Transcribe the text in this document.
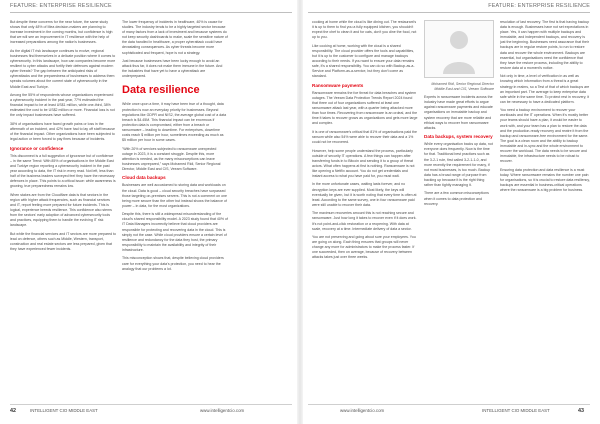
FEATURE: ENTERPRISE RESILIENCE	FEATURE: ENTERPRISE RESILIENCE

But despite these concerns for the near future, the same study shows that only 48% of Mea decision-makers are planning to increase investment in the coming months, but confidence is high that we will see an improvement in IT resilience with the help of increased preparations among the nation's businesses.

As the digital IT risk landscape continues to evolve, regional businesses find themselves in a delicate position where it comes to cybersecurity. In this landscape, how can companies become more resilient to cyber attacks and fortify their defences against modern cyber threats? The gap between the anticipated risks of cyberattacks and the preparedness of businesses to address them speaks volumes about the current state of cybersecurity in the Middle East and Turkiye.

Among the 55% of respondents whose organizations experienced a cybersecurity incident in the past year, 77% estimated the financial impact to be at least US$1 million, while one-third, 38% estimated the cost to be US$2 million or more. Financial loss is not the only impact businesses have suffered.

38% of organisations have faced growth pains or loss in the aftermath of an incident, and 42% have had to lay off staff because of the financial impact. Other organizations have been subjected to legal action or been forced to pay fines because of incidents.

Ignorance or confidence

This disconnect is a full suggestion of ignorance but of confidence – in the same Trend: With 85% of organisations in the Middle East and Turkiye region reporting a cybersecurity incident in the past year according to data, the IT risk in every read. Not left, less than half of the business leaders surveyed feel they have the necessary defences in place. This points to a critical issue: while awareness is growing, true preparedness remains low.

When stakes are from the Cloudflare data is that sectors in the region with higher attack frequencies, such as financial services and IT, report feeling more prepared for future incidents. This is logical, experience breeds resilience. This confidence also stems from the sectors' early adoption of advanced cybersecurity tools and practices, equipping them to handle the evolving IT risk landscape.

But while the financial services and IT sectors are more prepared to lead on defence, others such as Middle, Western, transport, construction and real estate sectors are less prepared, given that they have experienced fewer incidents.

The lower frequency of incidents in healthcare, 40% is cause for studies. The industry tends to be a highly targeted sector because of many factors from a lack of investment and because systems do not keep security dashboards to make, scale the sensitive nature of the data handled in healthcare, a proper cyberattack could have devastating consequences. As cyber threats become more sophisticated and frequent, hope is not a strategy.

Just because businesses have been lucky enough to avoid an attack thus far, it does not make them immune in the future. And the industries that have yet to have a cyberattack are underprepared.

Data resilience

While once upon a time, it may have been true of a thought, data protection is now an everyday priority for businesses. Beyond regulations like GDPR and NIS2, the average global cost of a data breach is $4.45M. This financial impact can be enormous if protection data is compromised, either from a breach or ransomware – leading to downtime. For enterprises, downtime costs reach $ million per hour, sometimes exceeding as much as $5 million per hour in some cases.

"With 20% of services subjected to ransomware unexpected outage in 2023, it is a constant struggle. Despite this, more attention is needed, as the many misconceptions can leave businesses unprepared," says Mohamed Ridi, Senior Regional Director, Middle East and CIS, Veeam Software.

Cloud data backups

Businesses are well accustomed to storing data and workloads on the cloud. Data is good – cloud security breaches have surpassed those targeting on-premises servers. This is not a comment on one being more secure than the other but instead shows the balance of power – in data, for the most organizations.

Despite this, there is still a widespread misunderstanding of the cloud's shared responsibility model. A 2023 study found that 40% of IT Data Managers incorrectly believe that cloud providers are responsible for protecting and recovering data in the cloud. This is simply not the case. While cloud providers ensure a certain level of resilience and redundancy for the data they host, the primary responsibility to maintain the availability and integrity of their infrastructure.

This misconception shows that, despite believing cloud providers care for everything your data's protection, you need to hear the analogy that our problems a lot.

cooking at home while the cloud is like dining out. The restaurant's it is up to them to find you a fully equipped kitchen, you shouldn't expect the chef to clean it and for cats, don't you dine the food, not up to you.

Like cooking at home, working with the cloud is a shared responsibility. The cloud provider offers the tools and capabilities, but it is up to the customer to configure and manage backups according to their needs. If you want to ensure your data remains safe, it's a shared responsibility. You can do so with Backup-as-a-Service and Platform-as-a-service, but they don't come as standard.

Ransomware payments

Ransomware remains the foe threat for data breaches and system outages. The Veeam Data Protection Trends Report 2024 found that three out of four organizations suffered at least one ransomware attack last year, with a quarter being attacked more than four times. Recovering from ransomware is an ordeal, and the time it takes to recover grows as organizations and gets more large and complex.

It is one of ransomware's critical that 81% of organisations paid the ransom while also 54% were able to recover their data and a 1% could not be recovered.

However, help some people understand the process, particularly outside of security IT operations. A few things can happen after transferring funds in to Bitcoin and sending it to a group of threat actors. What often happens at first is nothing. Ransomware is not like opening a Netflix account. You do not get credentials and instant access to what you have paid for, you must wait.

In the more unfortunate cases, waiting lasts forever, and no decryption keys are ever supplied. Most likely, the keys will eventually be given, but it is worth noting that every time is often at least. According to the same survey, one in four ransomware paid were still unable to recover their data.

The maximum recoveries amount this is not reaching secure and ransomware. Just how long it takes to recover even if it does work. It's not point-and-click restoration or a reopening. With data at scale, recovery at a time. Intermediate delivery of data a sector.

You are not preserving and going about sure your employees. You are going on along. Each thing ensures that groups will never change any more for administrators to make the process faster. If one succeeded, then on average, because of recovery between attacks takes just over three weeks.

Mohamed Ridi, Senior Regional Director Middle East and CIS, Veeam Software

Experts in ransomware incidents across the industry have made great efforts to argue against ransomware payments and educate organisations on immutable backup and system recovery that are more reliable and ethical ways to recover from ransomware attacks.

Data backups, system recovery

While every organisation backs up data, not everyone does frequently. Now is the time for that. Traditional best practices such as the 3-2-1 rule, first called 3-2-1-1-0, and more recently the requirement for many, if not most businesses, is too much. Backup data has a broad range of purpose from backing up because it is the right thing rather than tightly managing it.

There are a few common misconceptions when it comes to data protection and recovery.

resolution of last recovery. The first is that having backup data is enough. Businesses have not set expectations in place. Yes, it can happen with multiple backups and immutable, and independent backups, and recovery is just the beginning. Businesses need assurance that their backups are in regular restore points, to run to restore data and recover the whole environment. Backups are essential, but organisations need the confidence that they have the restore process, including the ability to restore data at a moment's notice.

Not only in time, a level of verification in as well as knowing which information from a threat is a great strategy in realms, so a Test of that of which backups are an important part. The average to keep enterprise data safe while in the same time. To protect rest in recovery, it can be necessary to have a dedicated platform.

You need a backup environment to recover your workloads and the IT operations. When it's mostly better your teams should have a plan, it would be easier to work with, and your team has a plan to restore the data and the production-ready recovery and rewire it from the backup and ransomware-free environment for the same. The goal is a clean room and the ability to backup immutable and in-sync and the whole environment to recover the workload. The data needs to be secure and immutable, the infrastructure needs to be robust to recover.

Ensuring data protection and data resilience is a must today. Where ransomware remains the number one pain for organisations, so it is crucial to restore data resiliency, backups are essential in business-critical operations where the ransomware is a big problem for business.

42	INTELLIGENT CIO MIDDLE EAST	www.intelligentcio.com	www.intelligentcio.com	INTELLIGENT CIO MIDDLE EAST	43
